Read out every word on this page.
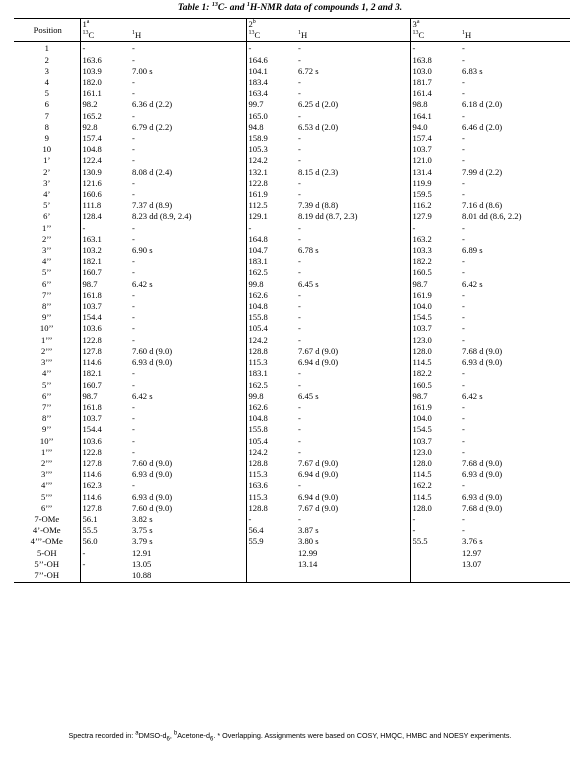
Table 1: $^{13}$C- and $^1$H-NMR data of compounds 1, 2 and 3.
Position	1$^a$		2$^b$		3$^a$
	$^{13}$C	$^1$H	$^{13}$C	$^1$H	$^{13}$C	$^1$H
1	-	-	-	-	-	-
2	163.6	-	164.6	-	163.8	-
3	103.9	7.00 s	104.1	6.72 s	103.0	6.83 s
4	182.0	-	183.4	-	181.7	-
5	161.1	-	163.4	-	161.4	-
6	98.2	6.36 d (2.2)	99.7	6.25 d (2.0)	98.8	6.18 d (2.0)
7	165.2	-	165.0	-	164.1	-
8	92.8	6.79 d (2.2)	94.8	6.53 d (2.0)	94.0	6.46 d (2.0)
9	157.4	-	158.9	-	157.4	-
10	104.8	-	105.3	-	103.7	-
1’	122.4	-	124.2	-	121.0	-
2’	130.9	8.08 d (2.4)	132.1	8.15 d (2.3)	131.4	7.99 d (2.2)
3’	121.6	-	122.8	-	119.9	-
4’	160.6	-	161.9	-	159.5	-
5’	111.8	7.37 d (8.9)	112.5	7.39 d (8.8)	116.2	7.16 d (8.6)
6’	128.4	8.23 dd (8.9, 2.4)	129.1	8.19 dd (8.7, 2.3)	127.9	8.01 dd (8.6, 2.2)
1’’	-	-	-	-	-	-
2’’	163.1	-	164.8	-	163.2	-
3’’	103.2	6.90 s	104.7	6.78 s	103.3	6.89 s
4’’	182.1	-	183.1	-	182.2	-
5’’	160.7	-	162.5	-	160.5	-
6’’	98.7	6.42 s	99.8	6.45 s	98.7	6.42 s
7’’	161.8	-	162.6	-	161.9	-
8’’	103.7	-	104.8	-	104.0	-
9’’	154.4	-	155.8	-	154.5	-
10’’	103.6	-	105.4	-	103.7	-
1’’’	122.8	-	124.2	-	123.0	-
2’’’	127.8	7.60 d (9.0)	128.8	7.67 d (9.0)	128.0	7.68 d (9.0)
3’’’	114.6	6.93 d (9.0)	115.3	6.94 d (9.0)	114.5	6.93 d (9.0)
4’’	182.1	-	183.1	-	182.2	-
5’’	160.7	-	162.5	-	160.5	-
6’’	98.7	6.42 s	99.8	6.45 s	98.7	6.42 s
7’’	161.8	-	162.6	-	161.9	-
8’’	103.7	-	104.8	-	104.0	-
9’’	154.4	-	155.8	-	154.5	-
10’’	103.6	-	105.4	-	103.7	-
1’’’	122.8	-	124.2	-	123.0	-
2’’’	127.8	7.60 d (9.0)	128.8	7.67 d (9.0)	128.0	7.68 d (9.0)
3’’’	114.6	6.93 d (9.0)	115.3	6.94 d (9.0)	114.5	6.93 d (9.0)
4’’’	162.3	-	163.6	-	162.2	-
5’’’	114.6	6.93 d (9.0)	115.3	6.94 d (9.0)	114.5	6.93 d (9.0)
6’’’	127.8	7.60 d (9.0)	128.8	7.67 d (9.0)	128.0	7.68 d (9.0)
7-OMe	56.1	3.82 s	-	-	-	-
4’-OMe	55.5	3.75 s	56.4	3.87 s	-	-
4’’’-OMe	56.0	3.79 s	55.9	3.80 s	55.5	3.76 s
5-OH	-	12.91		12.99		12.97
5’’-OH	-	13.05		13.14		13.07
7’’-OH		10.88				
Spectra recorded in: $^aDMSO-d_6$, $^bAcetone-d_6$. * Overlapping. Assignments were based on COSY, HMQC, HMBC and NOESY experiments.
